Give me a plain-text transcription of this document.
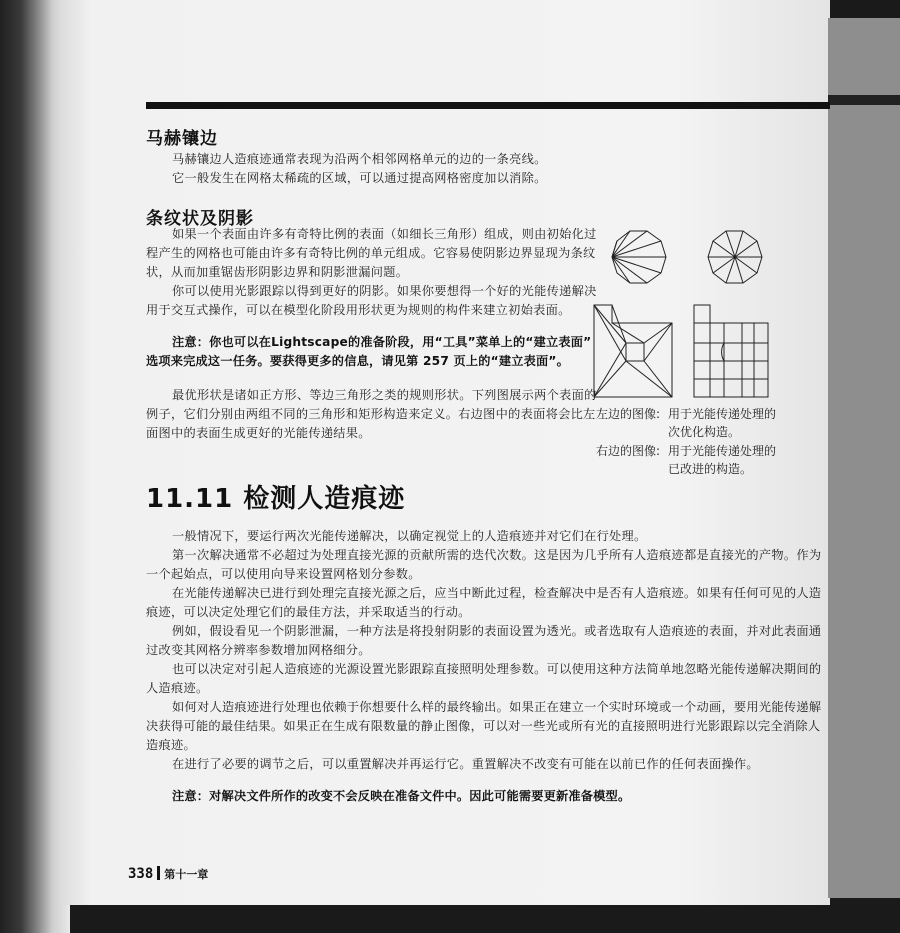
马赫镶边
马赫镶边人造痕迹通常表现为沿两个相邻网格单元的边的一条亮线。
它一般发生在网格太稀疏的区域，可以通过提高网格密度加以消除。
条纹状及阴影
如果一个表面由许多有奇特比例的表面（如细长三角形）组成，则由初始化过
程产生的网格也可能由许多有奇特比例的单元组成。它容易使阴影边界显现为条纹
状，从而加重锯齿形阴影边界和阴影泄漏问题。
你可以使用光影跟踪以得到更好的阴影。如果你要想得一个好的光能传递解决
用于交互式操作，可以在模型化阶段用形状更为规则的构件来建立初始表面。
注意：你也可以在Lightscape的准备阶段，用“工具”菜单上的“建立表面”
选项来完成这一任务。要获得更多的信息，请见第 257 页上的“建立表面”。
最优形状是诸如正方形、等边三角形之类的规则形状。下列图展示两个表面的
例子，它们分别由两组不同的三角形和矩形构造来定义。右边图中的表面将会比左
面图中的表面生成更好的光能传递结果。
左边的图像: 用于光能传递处理的
次优化构造。
右边的图像: 用于光能传递处理的
已改进的构造。
11.11 检测人造痕迹
一般情况下，要运行两次光能传递解决，以确定视觉上的人造痕迹并对它们在行处理。
第一次解决通常不必超过为处理直接光源的贡献所需的迭代次数。这是因为几乎所有人造痕迹都是直接光的产物。作为
一个起始点，可以使用向导来设置网格划分参数。
在光能传递解决已进行到处理完直接光源之后，应当中断此过程，检查解决中是否有人造痕迹。如果有任何可见的人造
痕迹，可以决定处理它们的最佳方法，并采取适当的行动。
例如，假设看见一个阴影泄漏，一种方法是将投射阴影的表面设置为透光。或者选取有人造痕迹的表面，并对此表面通
过改变其网格分辨率参数增加网格细分。
也可以决定对引起人造痕迹的光源设置光影跟踪直接照明处理参数。可以使用这种方法简单地忽略光能传递解决期间的
人造痕迹。
如何对人造痕迹进行处理也依赖于你想要什么样的最终输出。如果正在建立一个实时环境或一个动画，要用光能传递解
决获得可能的最佳结果。如果正在生成有限数量的静止图像，可以对一些光或所有光的直接照明进行光影跟踪以完全消除人
造痕迹。
在进行了必要的调节之后，可以重置解决并再运行它。重置解决不改变有可能在以前已作的任何表面操作。
注意：对解决文件所作的改变不会反映在准备文件中。因此可能需要更新准备模型。
338 第十一章
